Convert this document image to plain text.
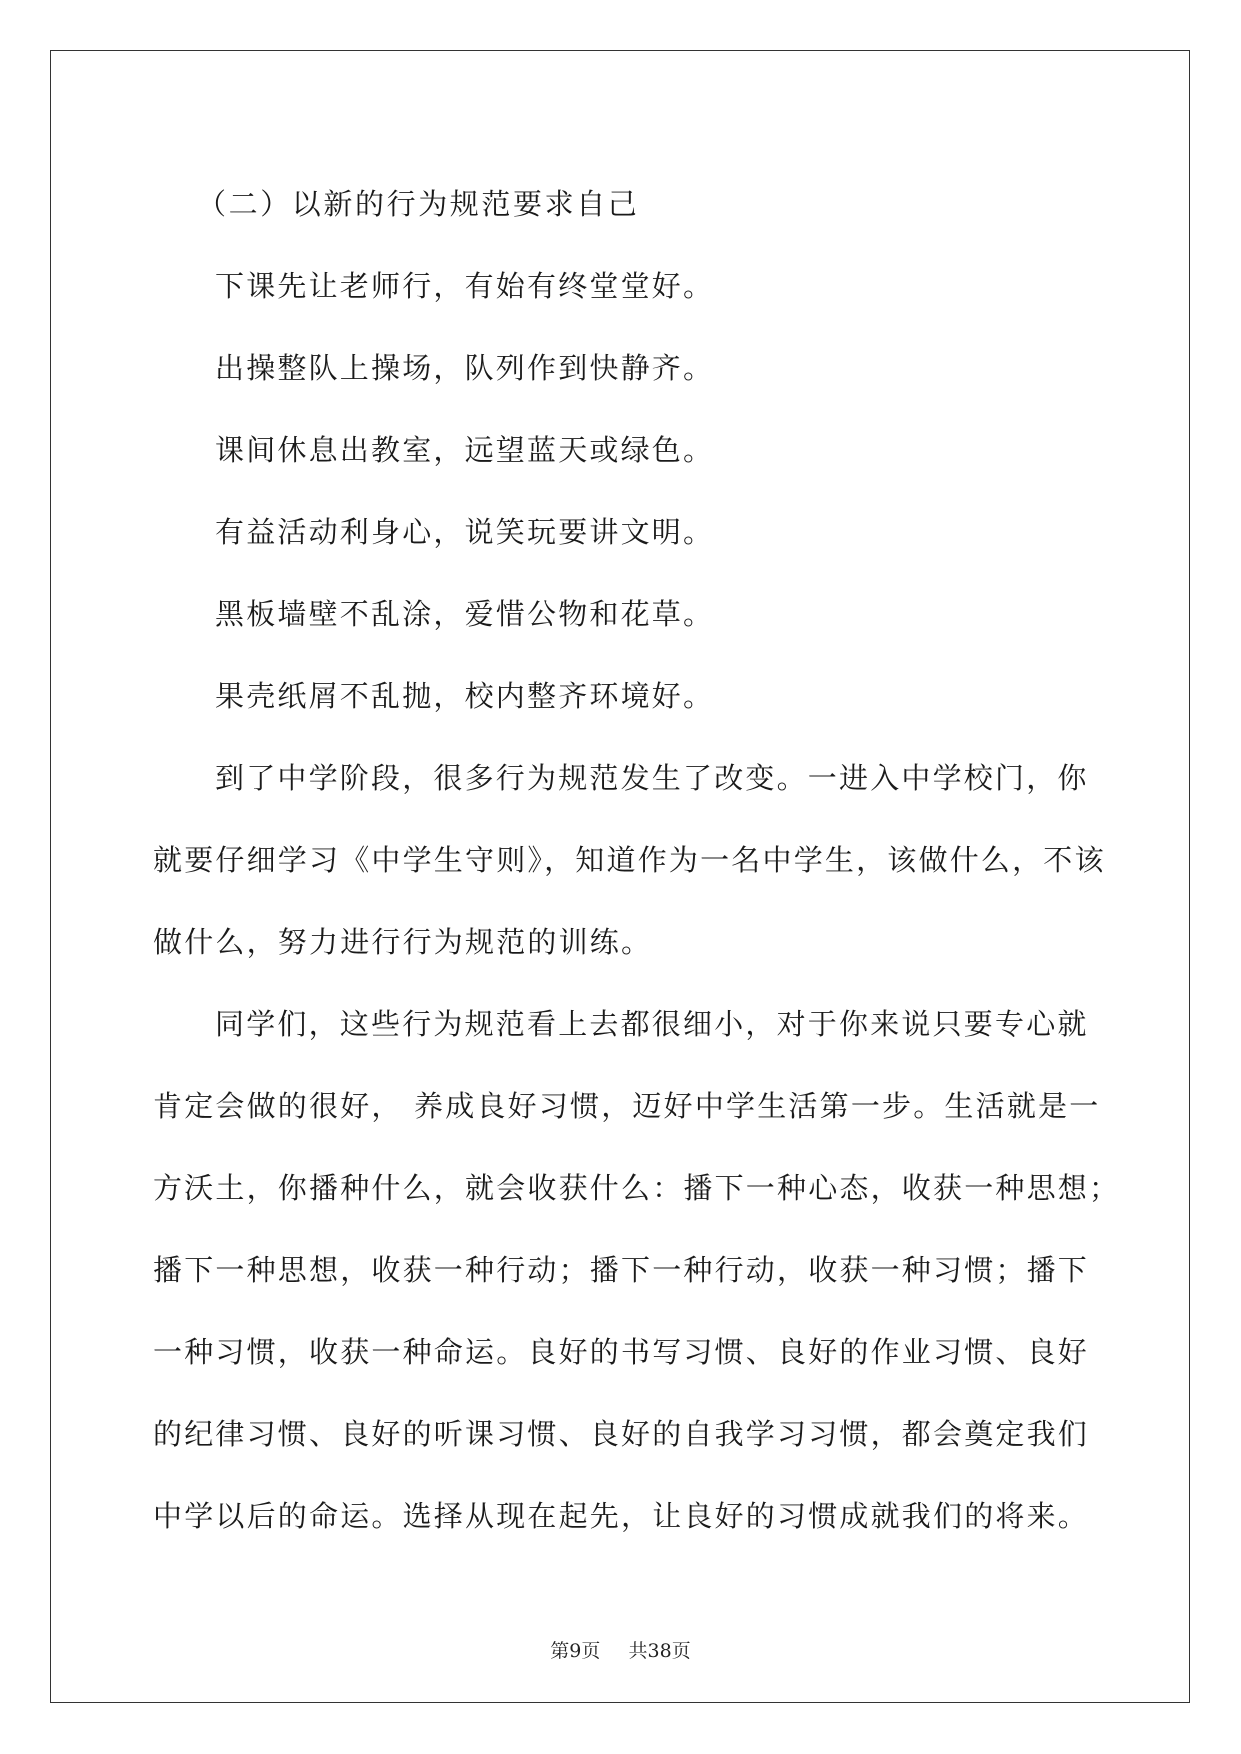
（二）以新的行为规范要求自己
下课先让老师行，有始有终堂堂好。
出操整队上操场，队列作到快静齐。
课间休息出教室，远望蓝天或绿色。
有益活动利身心，说笑玩要讲文明。
黑板墙壁不乱涂，爱惜公物和花草。
果壳纸屑不乱抛，校内整齐环境好。
到了中学阶段，很多行为规范发生了改变。一进入中学校门，你
就要仔细学习《中学生守则》，知道作为一名中学生，该做什么，不该
做什么，努力进行行为规范的训练。
同学们，这些行为规范看上去都很细小，对于你来说只要专心就
肯定会做的很好， 养成良好习惯，迈好中学生活第一步。生活就是一
方沃土，你播种什么，就会收获什么：播下一种心态，收获一种思想；
播下一种思想，收获一种行动；播下一种行动，收获一种习惯；播下
一种习惯，收获一种命运。良好的书写习惯、良好的作业习惯、良好
的纪律习惯、良好的听课习惯、良好的自我学习习惯，都会奠定我们
中学以后的命运。选择从现在起先，让良好的习惯成就我们的将来。
第9页 共38页
